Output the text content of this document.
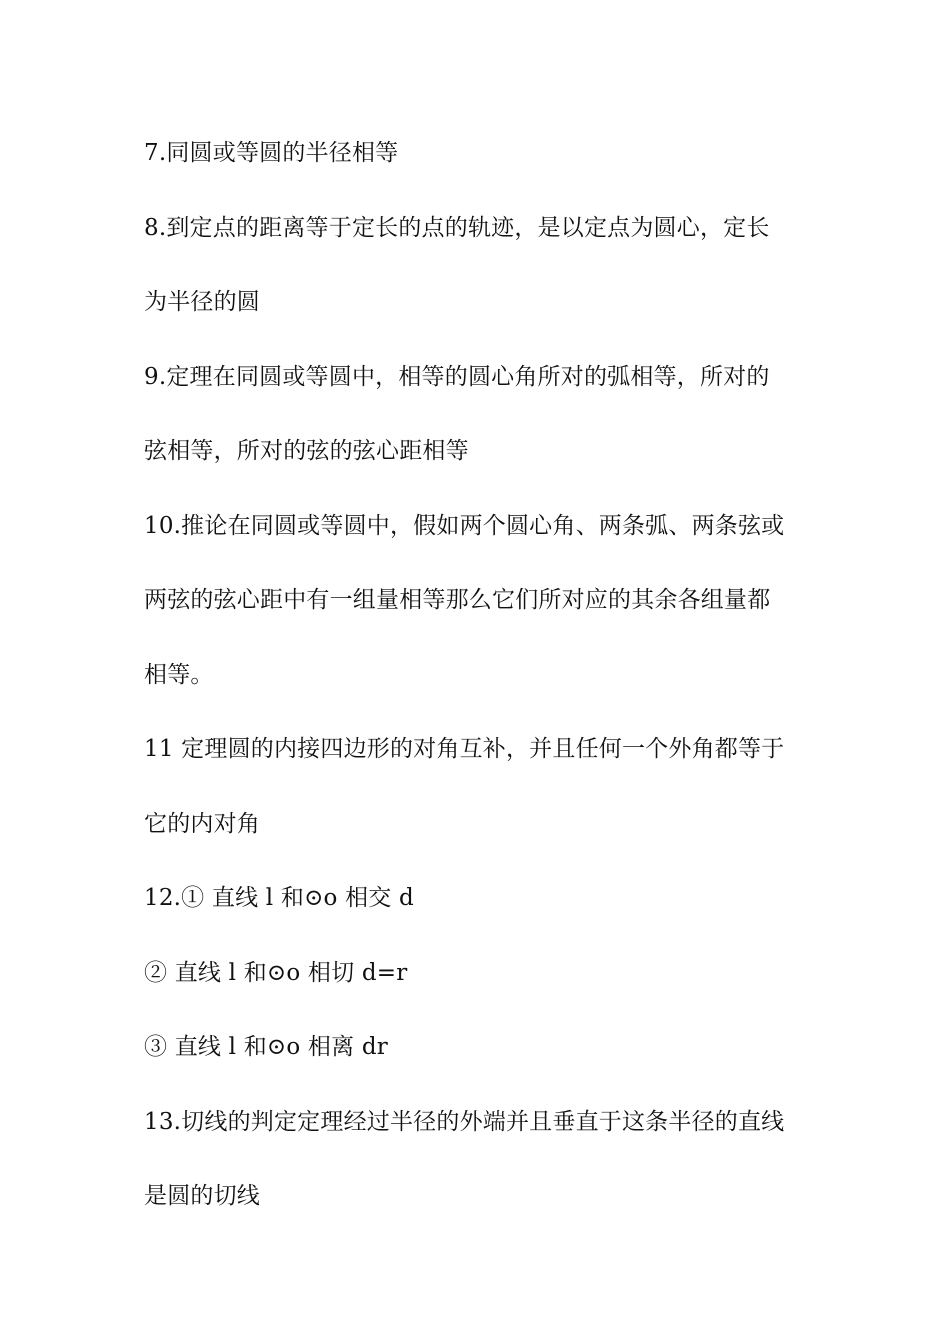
7.同圆或等圆的半径相等
8.到定点的距离等于定长的点的轨迹，是以定点为圆心，定长
为半径的圆
9.定理在同圆或等圆中，相等的圆心角所对的弧相等，所对的
弦相等，所对的弦的弦心距相等
10.推论在同圆或等圆中，假如两个圆心角、两条弧、两条弦或
两弦的弦心距中有一组量相等那么它们所对应的其余各组量都
相等。
11 定理圆的内接四边形的对角互补，并且任何一个外角都等于
它的内对角
12.① 直线 l 和⊙o 相交 d
② 直线 l 和⊙o 相切 d=r
③ 直线 l 和⊙o 相离 dr
13.切线的判定定理经过半径的外端并且垂直于这条半径的直线
是圆的切线
